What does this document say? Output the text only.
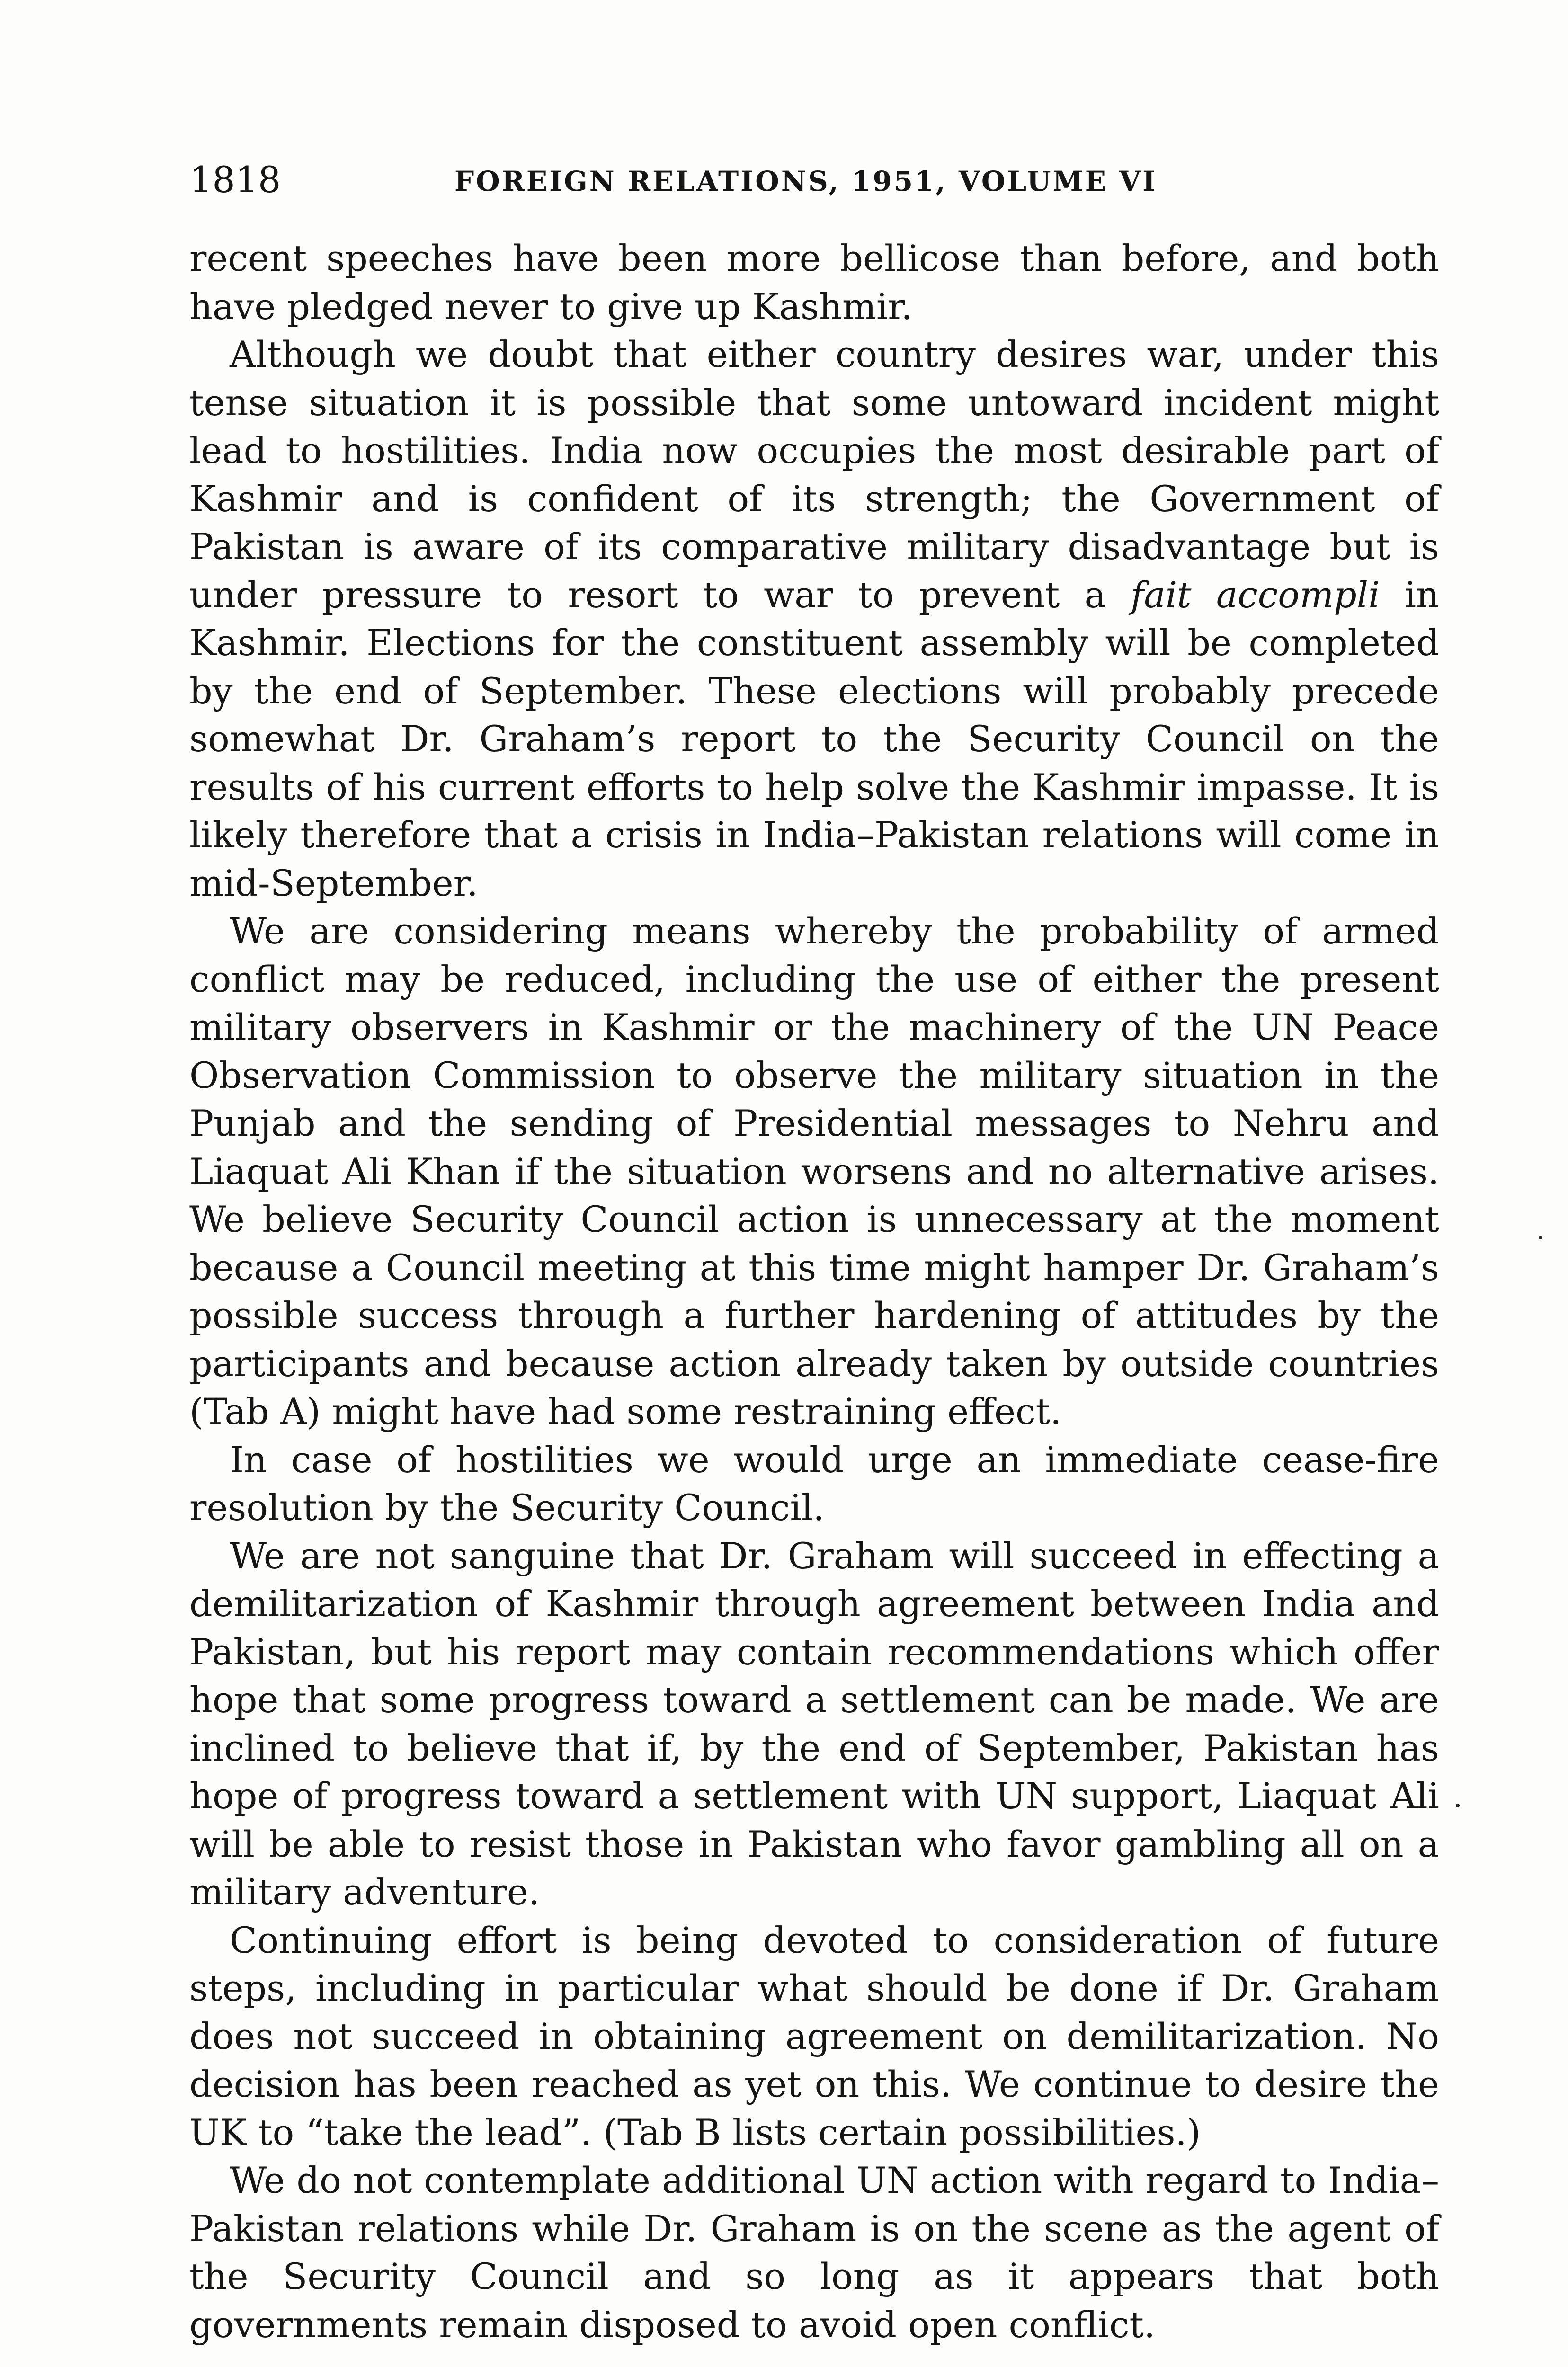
1818	FOREIGN RELATIONS, 1951, VOLUME VI

recent speeches have been more bellicose than before, and both have pledged never to give up Kashmir.

Although we doubt that either country desires war, under this tense situation it is possible that some untoward incident might lead to hostilities. India now occupies the most desirable part of Kashmir and is confident of its strength; the Government of Pakistan is aware of its comparative military disadvantage but is under pressure to resort to war to prevent a fait accompli in Kashmir. Elections for the constituent assembly will be completed by the end of September. These elections will probably precede somewhat Dr. Graham’s report to the Security Council on the results of his current efforts to help solve the Kashmir impasse. It is likely therefore that a crisis in India–Pakistan relations will come in mid-September.

We are considering means whereby the probability of armed conflict may be reduced, including the use of either the present military observers in Kashmir or the machinery of the UN Peace Observation Commission to observe the military situation in the Punjab and the sending of Presidential messages to Nehru and Liaquat Ali Khan if the situation worsens and no alternative arises. We believe Security Council action is unnecessary at the moment because a Council meeting at this time might hamper Dr. Graham’s possible success through a further hardening of attitudes by the participants and because action already taken by outside countries (Tab A) might have had some restraining effect.

In case of hostilities we would urge an immediate cease-fire resolution by the Security Council.

We are not sanguine that Dr. Graham will succeed in effecting a demilitarization of Kashmir through agreement between India and Pakistan, but his report may contain recommendations which offer hope that some progress toward a settlement can be made. We are inclined to believe that if, by the end of September, Pakistan has hope of progress toward a settlement with UN support, Liaquat Ali will be able to resist those in Pakistan who favor gambling all on a military adventure.

Continuing effort is being devoted to consideration of future steps, including in particular what should be done if Dr. Graham does not succeed in obtaining agreement on demilitarization. No decision has been reached as yet on this. We continue to desire the UK to “take the lead”. (Tab B lists certain possibilities.)

We do not contemplate additional UN action with regard to India–Pakistan relations while Dr. Graham is on the scene as the agent of the Security Council and so long as it appears that both governments remain disposed to avoid open conflict.
